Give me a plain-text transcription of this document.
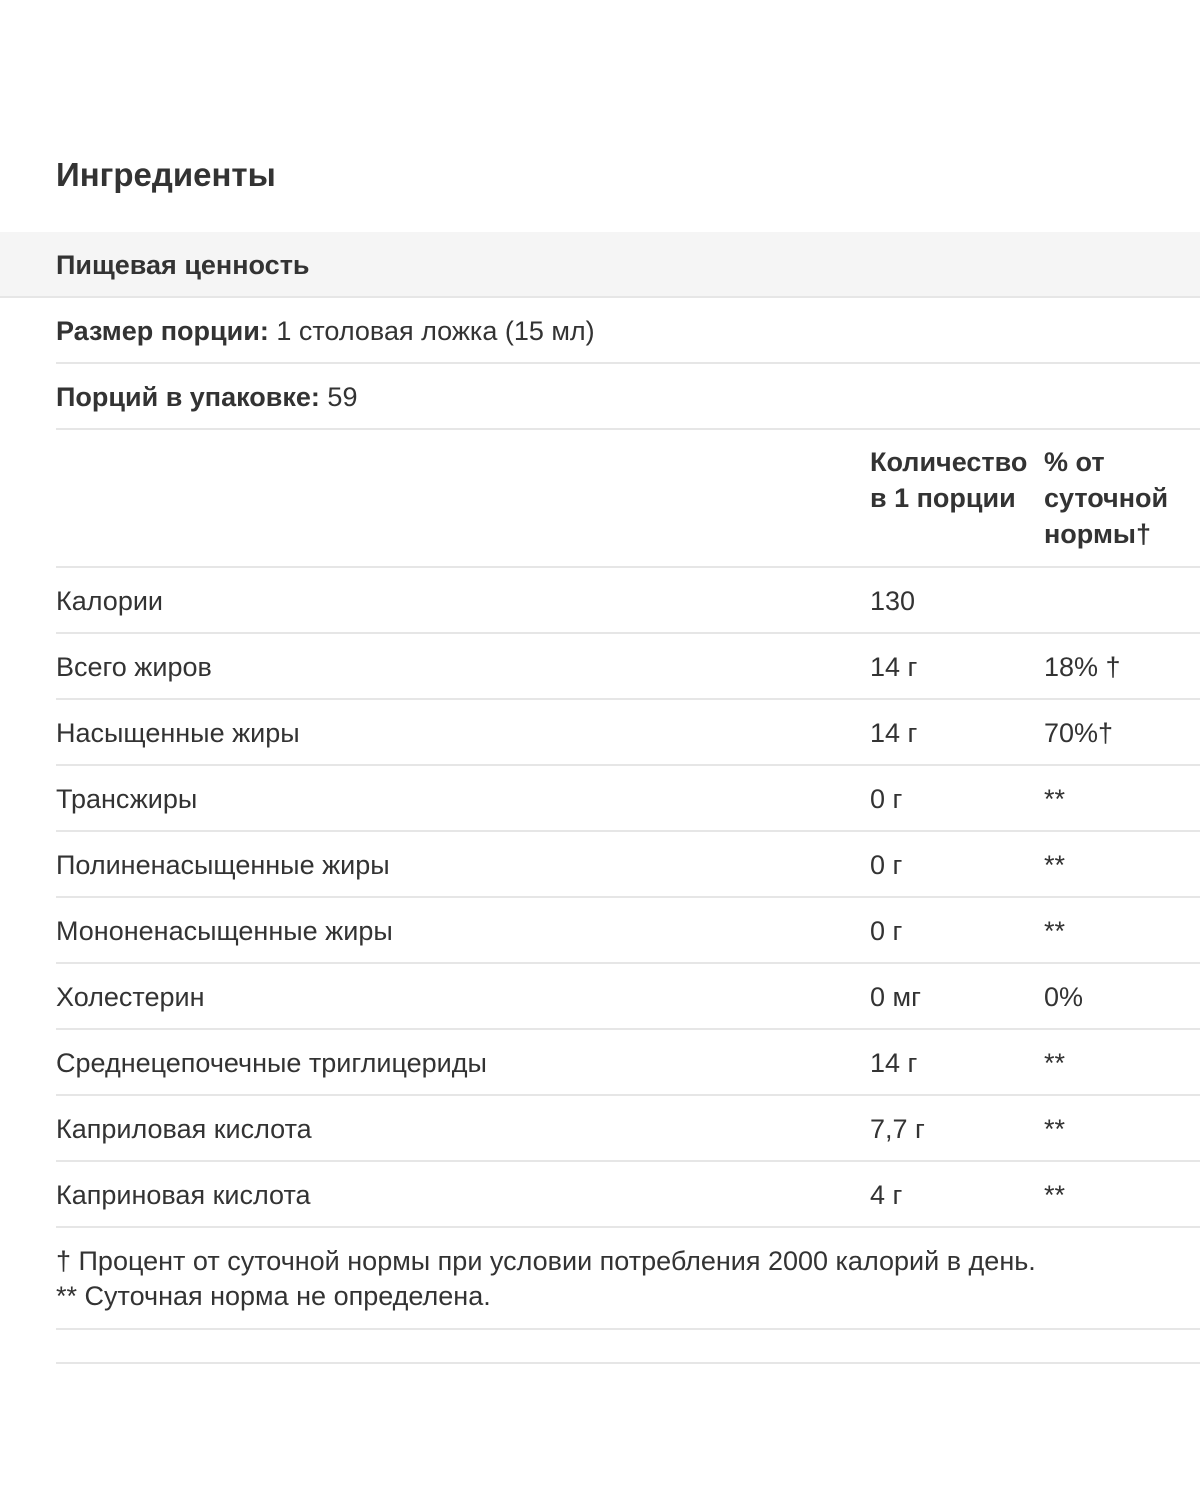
Ингредиенты
Пищевая ценность
Размер порции: 1 столовая ложка (15 мл)
Порций в упаковке: 59
Количество в 1 порции
% от суточной нормы†
Калории	130
Всего жиров	14 г	18% †
Насыщенные жиры	14 г	70%†
Трансжиры	0 г	**
Полиненасыщенные жиры	0 г	**
Мононенасыщенные жиры	0 г	**
Холестерин	0 мг	0%
Среднецепочечные триглицериды	14 г	**
Каприловая кислота	7,7 г	**
Каприновая кислота	4 г	**
† Процент от суточной нормы при условии потребления 2000 калорий в день.
** Суточная норма не определена.
